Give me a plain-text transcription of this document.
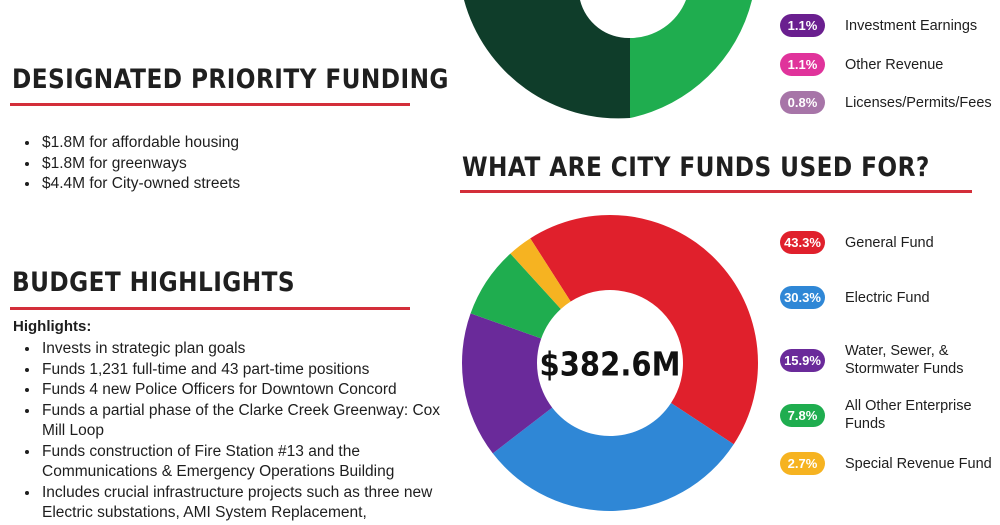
1.1%	Investment Earnings
1.1%	Other Revenue
0.8%	Licenses/Permits/Fees
DESIGNATED PRIORITY FUNDING
• $1.8M for affordable housing
• $1.8M for greenways
• $4.4M for City-owned streets
BUDGET HIGHLIGHTS
Highlights:
• Invests in strategic plan goals
• Funds 1,231 full-time and 43 part-time positions
• Funds 4 new Police Officers for Downtown Concord
• Funds a partial phase of the Clarke Creek Greenway: Cox Mill Loop
• Funds construction of Fire Station #13 and the Communications & Emergency Operations Building
• Includes crucial infrastructure projects such as three new Electric substations, AMI System Replacement,
WHAT ARE CITY FUNDS USED FOR?
$382.6M
43.3% General Fund
30.3% Electric Fund
15.9%
Water, Sewer, & Stormwater Funds
7.8%
All Other Enterprise Funds
2.7%	Special Revenue Fund
